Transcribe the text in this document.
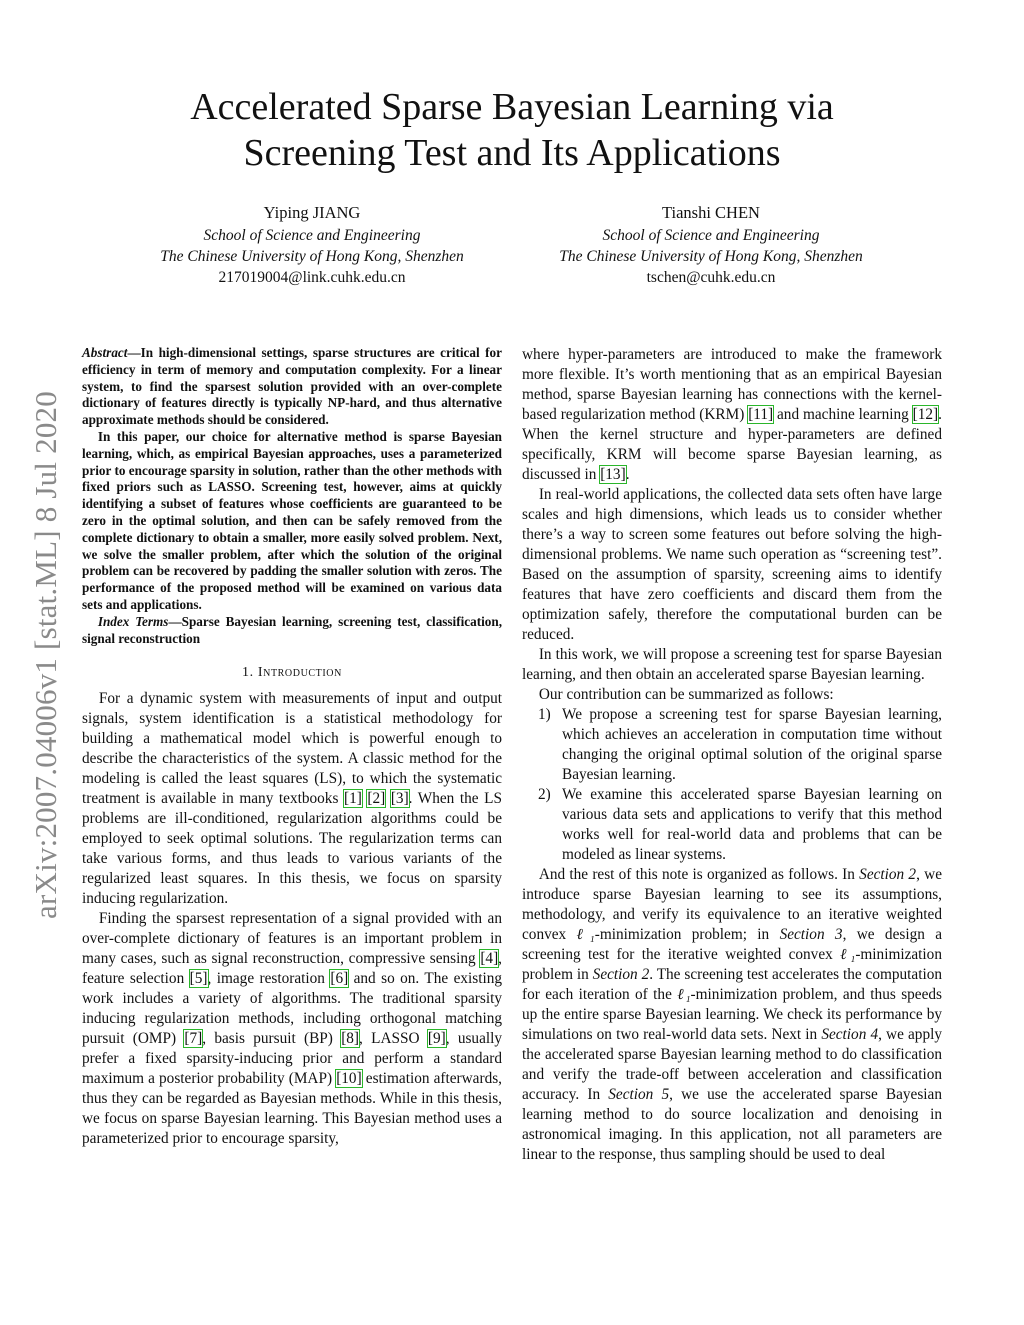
arXiv:2007.04006v1 [stat.ML] 8 Jul 2020
Accelerated Sparse Bayesian Learning via
Screening Test and Its Applications
Yiping JIANG
School of Science and Engineering
The Chinese University of Hong Kong, Shenzhen
217019004@link.cuhk.edu.cn
Tianshi CHEN
School of Science and Engineering
The Chinese University of Hong Kong, Shenzhen
tschen@cuhk.edu.cn

Abstract—In high-dimensional settings, sparse structures are critical for efficiency in term of memory and computation complexity. For a linear system, to find the sparsest solution provided with an over-complete dictionary of features directly is typically NP-hard, and thus alternative approximate methods should be considered.

In this paper, our choice for alternative method is sparse Bayesian learning, which, as empirical Bayesian approaches, uses a parameterized prior to encourage sparsity in solution, rather than the other methods with fixed priors such as LASSO. Screening test, however, aims at quickly identifying a subset of features whose coefficients are guaranteed to be zero in the optimal solution, and then can be safely removed from the complete dictionary to obtain a smaller, more easily solved problem. Next, we solve the smaller problem, after which the solution of the original problem can be recovered by padding the smaller solution with zeros. The performance of the proposed method will be examined on various data sets and applications.

Index Terms—Sparse Bayesian learning, screening test, classification, signal reconstruction

1. Introduction

For a dynamic system with measurements of input and output signals, system identification is a statistical methodology for building a mathematical model which is powerful enough to describe the characteristics of the system. A classic method for the modeling is called the least squares (LS), to which the systematic treatment is available in many textbooks [1] [2] [3]. When the LS problems are ill-conditioned, regularization algorithms could be employed to seek optimal solutions. The regularization terms can take various forms, and thus leads to various variants of the regularized least squares. In this thesis, we focus on sparsity inducing regularization.

Finding the sparsest representation of a signal provided with an over-complete dictionary of features is an important problem in many cases, such as signal reconstruction, compressive sensing [4], feature selection [5], image restoration [6] and so on. The existing work includes a variety of algorithms. The traditional sparsity inducing regularization methods, including orthogonal matching pursuit (OMP) [7], basis pursuit (BP) [8], LASSO [9], usually prefer a fixed sparsity-inducing prior and perform a standard maximum a posterior probability (MAP) [10] estimation afterwards, thus they can be regarded as Bayesian methods. While in this thesis, we focus on sparse Bayesian learning. This Bayesian method uses a parameterized prior to encourage sparsity,

where hyper-parameters are introduced to make the framework more flexible. It’s worth mentioning that as an empirical Bayesian method, sparse Bayesian learning has connections with the kernel-based regularization method (KRM) [11] and machine learning [12]. When the kernel structure and hyper-parameters are defined specifically, KRM will become sparse Bayesian learning, as discussed in [13].

In real-world applications, the collected data sets often have large scales and high dimensions, which leads us to consider whether there’s a way to screen some features out before solving the high-dimensional problems. We name such operation as “screening test”. Based on the assumption of sparsity, screening aims to identify features that have zero coefficients and discard them from the optimization safely, therefore the computational burden can be reduced.

In this work, we will propose a screening test for sparse Bayesian learning, and then obtain an accelerated sparse Bayesian learning.

Our contribution can be summarized as follows:

1) We propose a screening test for sparse Bayesian learning, which achieves an acceleration in computation time without changing the original optimal solution of the original sparse Bayesian learning.
2) We examine this accelerated sparse Bayesian learning on various data sets and applications to verify that this method works well for real-world data and problems that can be modeled as linear systems.

And the rest of this note is organized as follows. In Section 2, we introduce sparse Bayesian learning to see its assumptions, methodology, and verify its equivalence to an iterative weighted convex ℓ₁-minimization problem; in Section 3, we design a screening test for the iterative weighted convex ℓ₁-minimization problem in Section 2. The screening test accelerates the computation for each iteration of the ℓ₁-minimization problem, and thus speeds up the entire sparse Bayesian learning. We check its performance by simulations on two real-world data sets. Next in Section 4, we apply the accelerated sparse Bayesian learning method to do classification and verify the trade-off between acceleration and classification accuracy. In Section 5, we use the accelerated sparse Bayesian learning method to do source localization and denoising in astronomical imaging. In this application, not all parameters are linear to the response, thus sampling should be used to deal
